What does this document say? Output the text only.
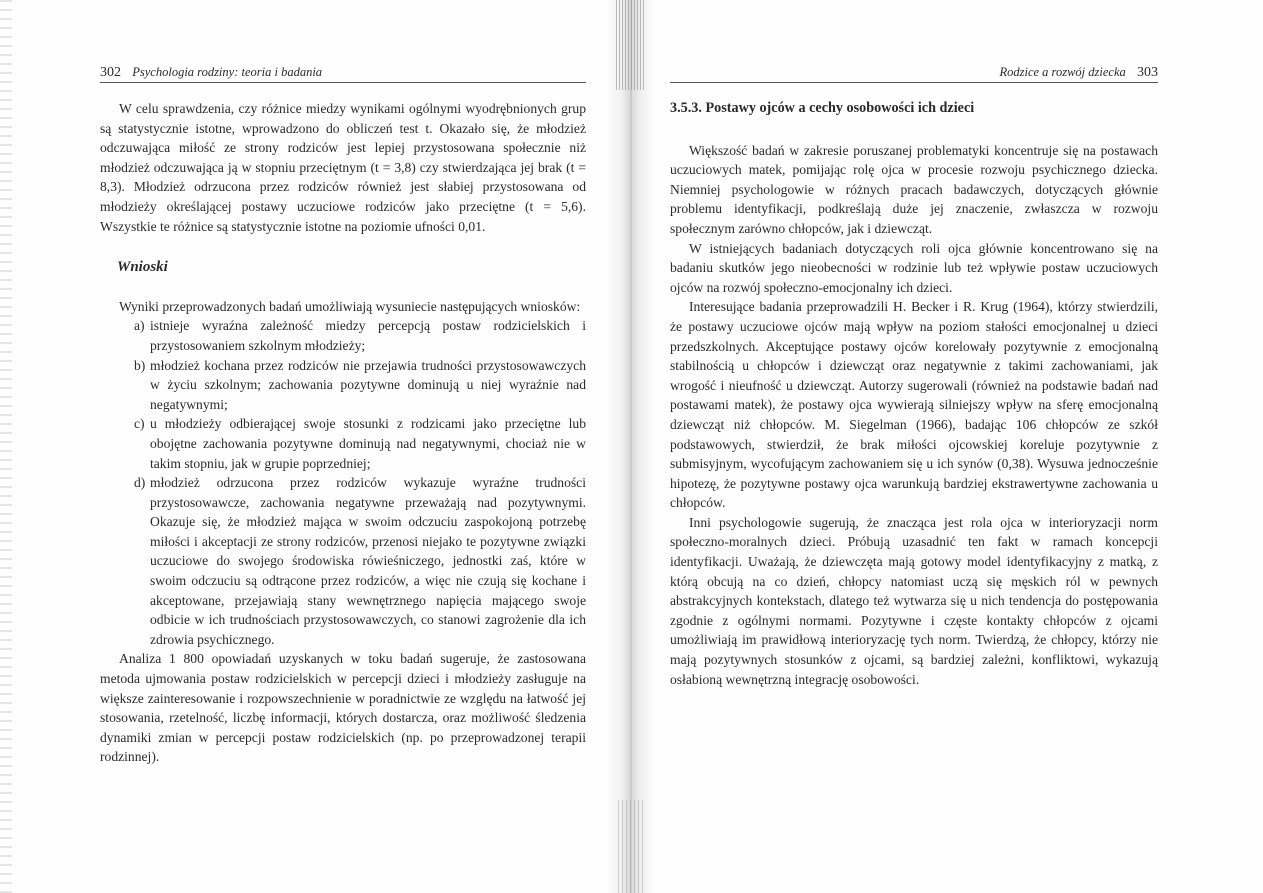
302 Psychologia rodziny: teoria i badania

W celu sprawdzenia, czy różnice miedzy wynikami ogólnymi wyodrębnionych grup są statystycznie istotne, wprowadzono do obliczeń test t. Okazało się, że młodzież odczuwająca miłość ze strony rodziców jest lepiej przystosowana społecznie niż młodzież odczuwająca ją w stopniu przeciętnym (t = 3,8) czy stwierdzająca jej brak (t = 8,3). Młodzież odrzucona przez rodziców również jest słabiej przystosowana od młodzieży określającej postawy uczuciowe rodziców jako przeciętne (t = 5,6). Wszystkie te różnice są statystycznie istotne na poziomie ufności 0,01.

Wnioski

Wyniki przeprowadzonych badań umożliwiają wysuniecie następujących wniosków:

a) istnieje wyraźna zależność miedzy percepcją postaw rodzicielskich i przystosowaniem szkolnym młodzieży;
b) młodzież kochana przez rodziców nie przejawia trudności przystosowawczych w życiu szkolnym; zachowania pozytywne dominują u niej wyraźnie nad negatywnymi;
c) u młodzieży odbierającej swoje stosunki z rodzicami jako przeciętne lub obojętne zachowania pozytywne dominują nad negatywnymi, chociaż nie w takim stopniu, jak w grupie poprzedniej;
d) młodzież odrzucona przez rodziców wykazuje wyraźne trudności przystosowawcze, zachowania negatywne przeważają nad pozytywnymi. Okazuje się, że młodzież mająca w swoim odczuciu zaspokojoną potrzebę miłości i akceptacji ze strony rodziców, przenosi niejako te pozytywne związki uczuciowe do swojego środowiska rówieśniczego, jednostki zaś, które w swoim odczuciu są odtrącone przez rodziców, a więc nie czują się kochane i akceptowane, przejawiają stany wewnętrznego napięcia mającego swoje odbicie w ich trudnościach przystosowawczych, co stanowi zagrożenie dla ich zdrowia psychicznego.

Analiza 1 800 opowiadań uzyskanych w toku badań sugeruje, że zastosowana metoda ujmowania postaw rodzicielskich w percepcji dzieci i młodzieży zasługuje na większe zainteresowanie i rozpowszechnienie w poradnictwie ze względu na łatwość jej stosowania, rzetelność, liczbę informacji, których dostarcza, oraz możliwość śledzenia dynamiki zmian w percepcji postaw rodzicielskich (np. po przeprowadzonej terapii rodzinnej).

Rodzice a rozwój dziecka 303
3.5.3. Postawy ojców a cechy osobowości ich dzieci

Większość badań w zakresie poruszanej problematyki koncentruje się na postawach uczuciowych matek, pomijając rolę ojca w procesie rozwoju psychicznego dziecka. Niemniej psychologowie w różnych pracach badawczych, dotyczących głównie problemu identyfikacji, podkreślają duże jej znaczenie, zwłaszcza w rozwoju społecznym zarówno chłopców, jak i dziewcząt.

W istniejących badaniach dotyczących roli ojca głównie koncentrowano się na badaniu skutków jego nieobecności w rodzinie lub też wpływie postaw uczuciowych ojców na rozwój społeczno-emocjonalny ich dzieci.

Interesujące badania przeprowadzili H. Becker i R. Krug (1964), którzy stwierdzili, że postawy uczuciowe ojców mają wpływ na poziom stałości emocjonalnej u dzieci przedszkolnych. Akceptujące postawy ojców korelowały pozytywnie z emocjonalną stabilnością u chłopców i dziewcząt oraz negatywnie z takimi zachowaniami, jak wrogość i nieufność u dziewcząt. Autorzy sugerowali (również na podstawie badań nad postawami matek), że postawy ojca wywierają silniejszy wpływ na sferę emocjonalną dziewcząt niż chłopców. M. Siegelman (1966), badając 106 chłopców ze szkół podstawowych, stwierdził, że brak miłości ojcowskiej koreluje pozytywnie z submisyjnym, wycofującym zachowaniem się u ich synów (0,38). Wysuwa jednocześnie hipotezę, że pozytywne postawy ojca warunkują bardziej ekstrawertywne zachowania u chłopców.

Inni psychologowie sugerują, że znacząca jest rola ojca w interioryzacji norm społeczno-moralnych dzieci. Próbują uzasadnić ten fakt w ramach koncepcji identyfikacji. Uważają, że dziewczęta mają gotowy model identyfikacyjny z matką, z którą obcują na co dzień, chłopcy natomiast uczą się męskich ról w pewnych abstrakcyjnych kontekstach, dlatego też wytwarza się u nich tendencja do postępowania zgodnie z ogólnymi normami. Pozytywne i częste kontakty chłopców z ojcami umożliwiają im prawidłową interioryzację tych norm. Twierdzą, że chłopcy, którzy nie mają pozytywnych stosunków z ojcami, są bardziej zależni, konfliktowi, wykazują osłabioną wewnętrzną integrację osobowości.
